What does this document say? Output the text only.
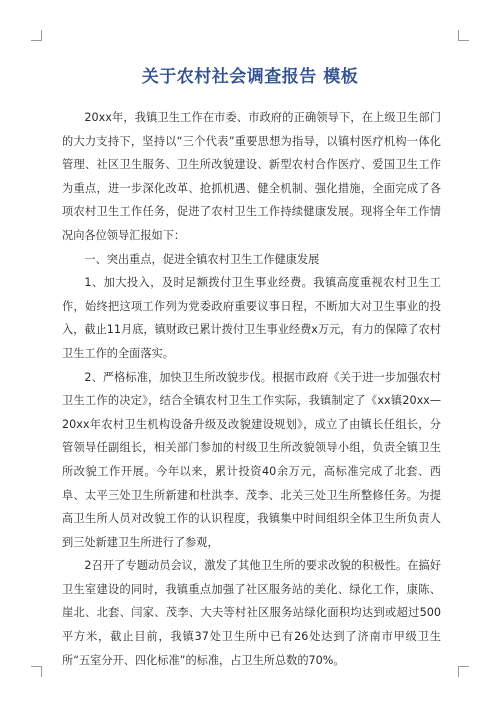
关于农村社会调查报告 模板

20xx年，我镇卫生工作在市委、市政府的正确领导下，在上级卫生部门的大力支持下，坚持以“三个代表”重要思想为指导，以镇村医疗机构一体化管理、社区卫生服务、卫生所改貌建设、新型农村合作医疗、爱国卫生工作为重点，进一步深化改革、抢抓机遇、健全机制、强化措施，全面完成了各项农村卫生工作任务，促进了农村卫生工作持续健康发展。现将全年工作情况向各位领导汇报如下：

一、突出重点，促进全镇农村卫生工作健康发展

1、加大投入，及时足额拨付卫生事业经费。我镇高度重视农村卫生工作，始终把这项工作列为党委政府重要议事日程，不断加大对卫生事业的投入，截止11月底，镇财政已累计拨付卫生事业经费x万元，有力的保障了农村卫生工作的全面落实。

2、严格标准，加快卫生所改貌步伐。根据市政府《关于进一步加强农村卫生工作的决定》，结合全镇农村卫生工作实际，我镇制定了《xx镇20xx—20xx年农村卫生机构设备升级及改貌建设规划》，成立了由镇长任组长，分管领导任副组长，相关部门参加的村级卫生所改貌领导小组，负责全镇卫生所改貌工作开展。今年以来，累计投资40余万元，高标准完成了北套、西阜、太平三处卫生所新建和杜洪李、茂李、北关三处卫生所整修任务。为提高卫生所人员对改貌工作的认识程度，我镇集中时间组织全体卫生所负责人到三处新建卫生所进行了参观，

2召开了专题动员会议，激发了其他卫生所的要求改貌的积极性。在搞好卫生室建设的同时，我镇重点加强了社区服务站的美化、绿化工作，康陈、崖北、北套、闫家、茂李、大夫等村社区服务站绿化面积均达到或超过500平方米，截止目前，我镇37处卫生所中已有26处达到了济南市甲级卫生所“五室分开、四化标准”的标准，占卫生所总数的70%。
